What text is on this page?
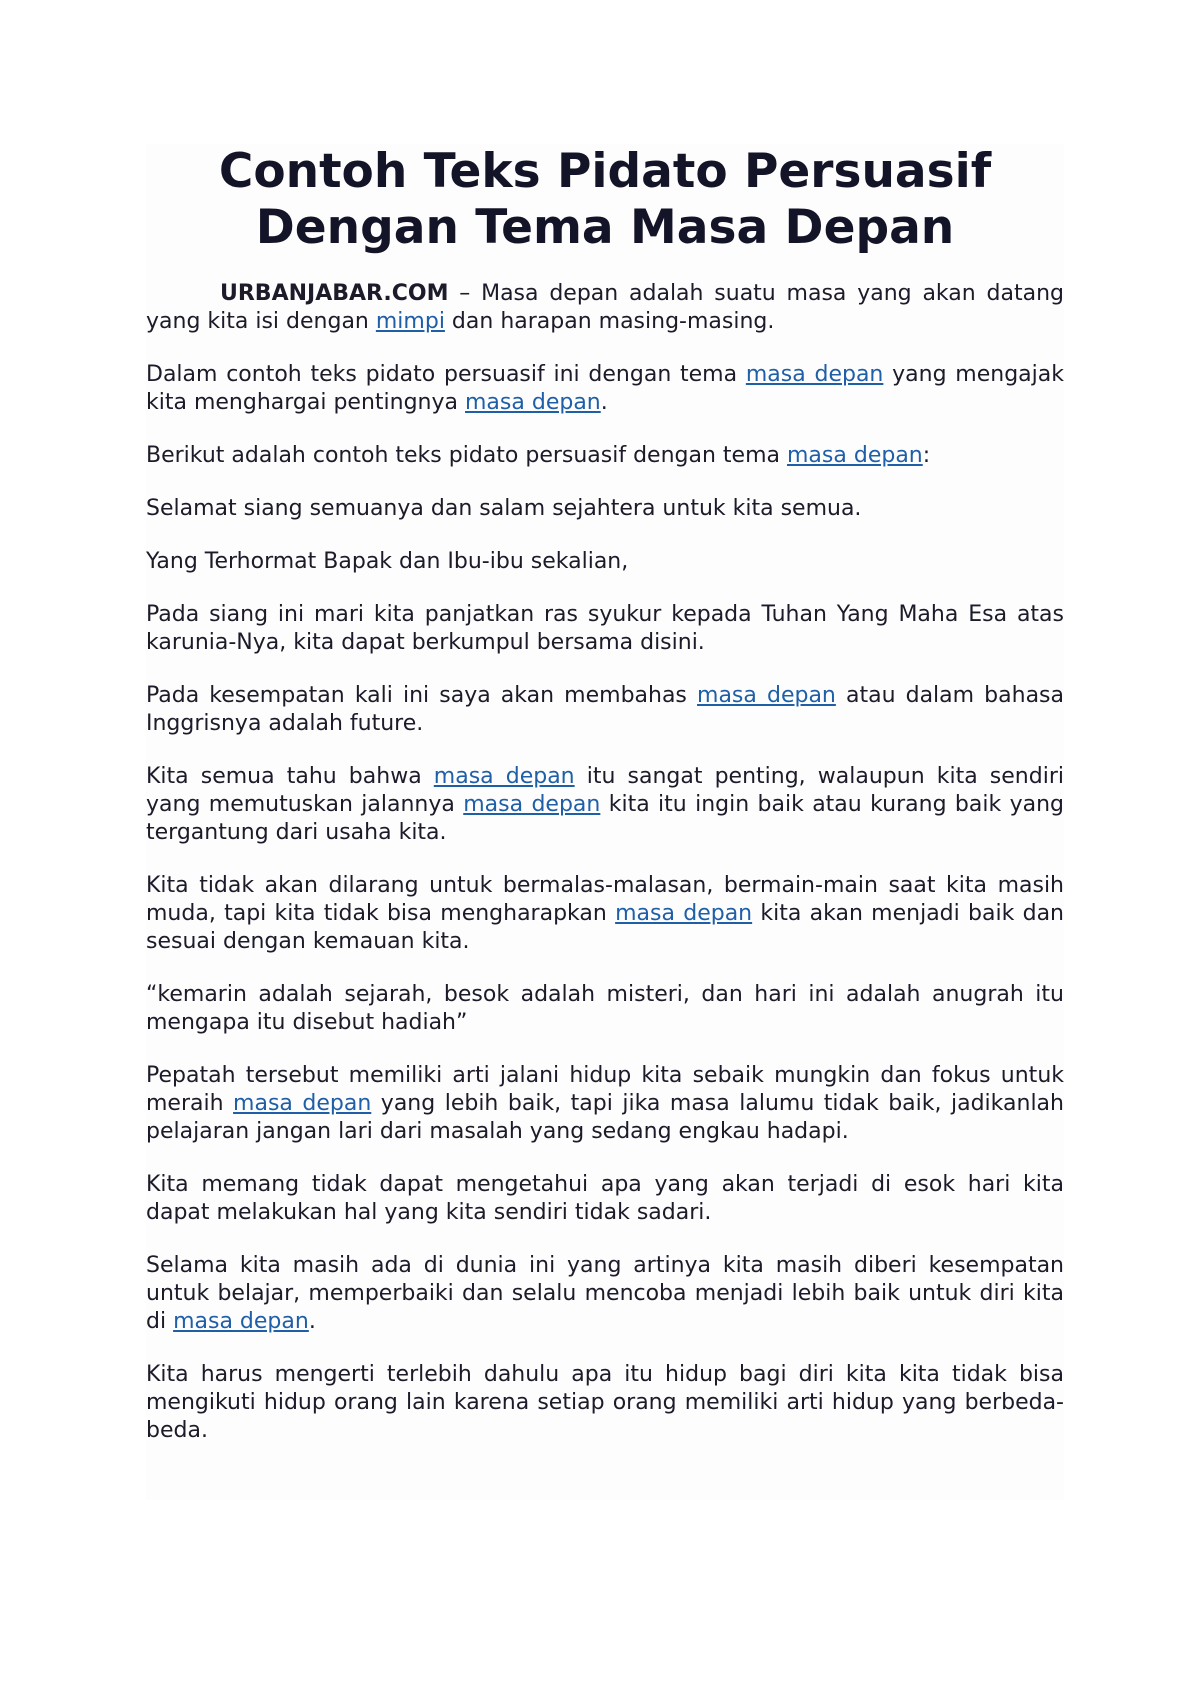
Contoh Teks Pidato Persuasif
Dengan Tema Masa Depan

URBANJABAR.COM – Masa depan adalah suatu masa yang akan datang yang kita isi dengan mimpi dan harapan masing-masing.

Dalam contoh teks pidato persuasif ini dengan tema masa depan yang mengajak kita menghargai pentingnya masa depan.

Berikut adalah contoh teks pidato persuasif dengan tema masa depan:

Selamat siang semuanya dan salam sejahtera untuk kita semua.

Yang Terhormat Bapak dan Ibu-ibu sekalian,

Pada siang ini mari kita panjatkan ras syukur kepada Tuhan Yang Maha Esa atas karunia-Nya, kita dapat berkumpul bersama disini.

Pada kesempatan kali ini saya akan membahas masa depan atau dalam bahasa Inggrisnya adalah future.

Kita semua tahu bahwa masa depan itu sangat penting, walaupun kita sendiri yang memutuskan jalannya masa depan kita itu ingin baik atau kurang baik yang tergantung dari usaha kita.

Kita tidak akan dilarang untuk bermalas-malasan, bermain-main saat kita masih muda, tapi kita tidak bisa mengharapkan masa depan kita akan menjadi baik dan sesuai dengan kemauan kita.

“kemarin adalah sejarah, besok adalah misteri, dan hari ini adalah anugrah itu mengapa itu disebut hadiah”

Pepatah tersebut memiliki arti jalani hidup kita sebaik mungkin dan fokus untuk meraih masa depan yang lebih baik, tapi jika masa lalumu tidak baik, jadikanlah pelajaran jangan lari dari masalah yang sedang engkau hadapi.

Kita memang tidak dapat mengetahui apa yang akan terjadi di esok hari kita dapat melakukan hal yang kita sendiri tidak sadari.

Selama kita masih ada di dunia ini yang artinya kita masih diberi kesempatan untuk belajar, memperbaiki dan selalu mencoba menjadi lebih baik untuk diri kita di masa depan.

Kita harus mengerti terlebih dahulu apa itu hidup bagi diri kita kita tidak bisa mengikuti hidup orang lain karena setiap orang memiliki arti hidup yang berbeda-beda.
